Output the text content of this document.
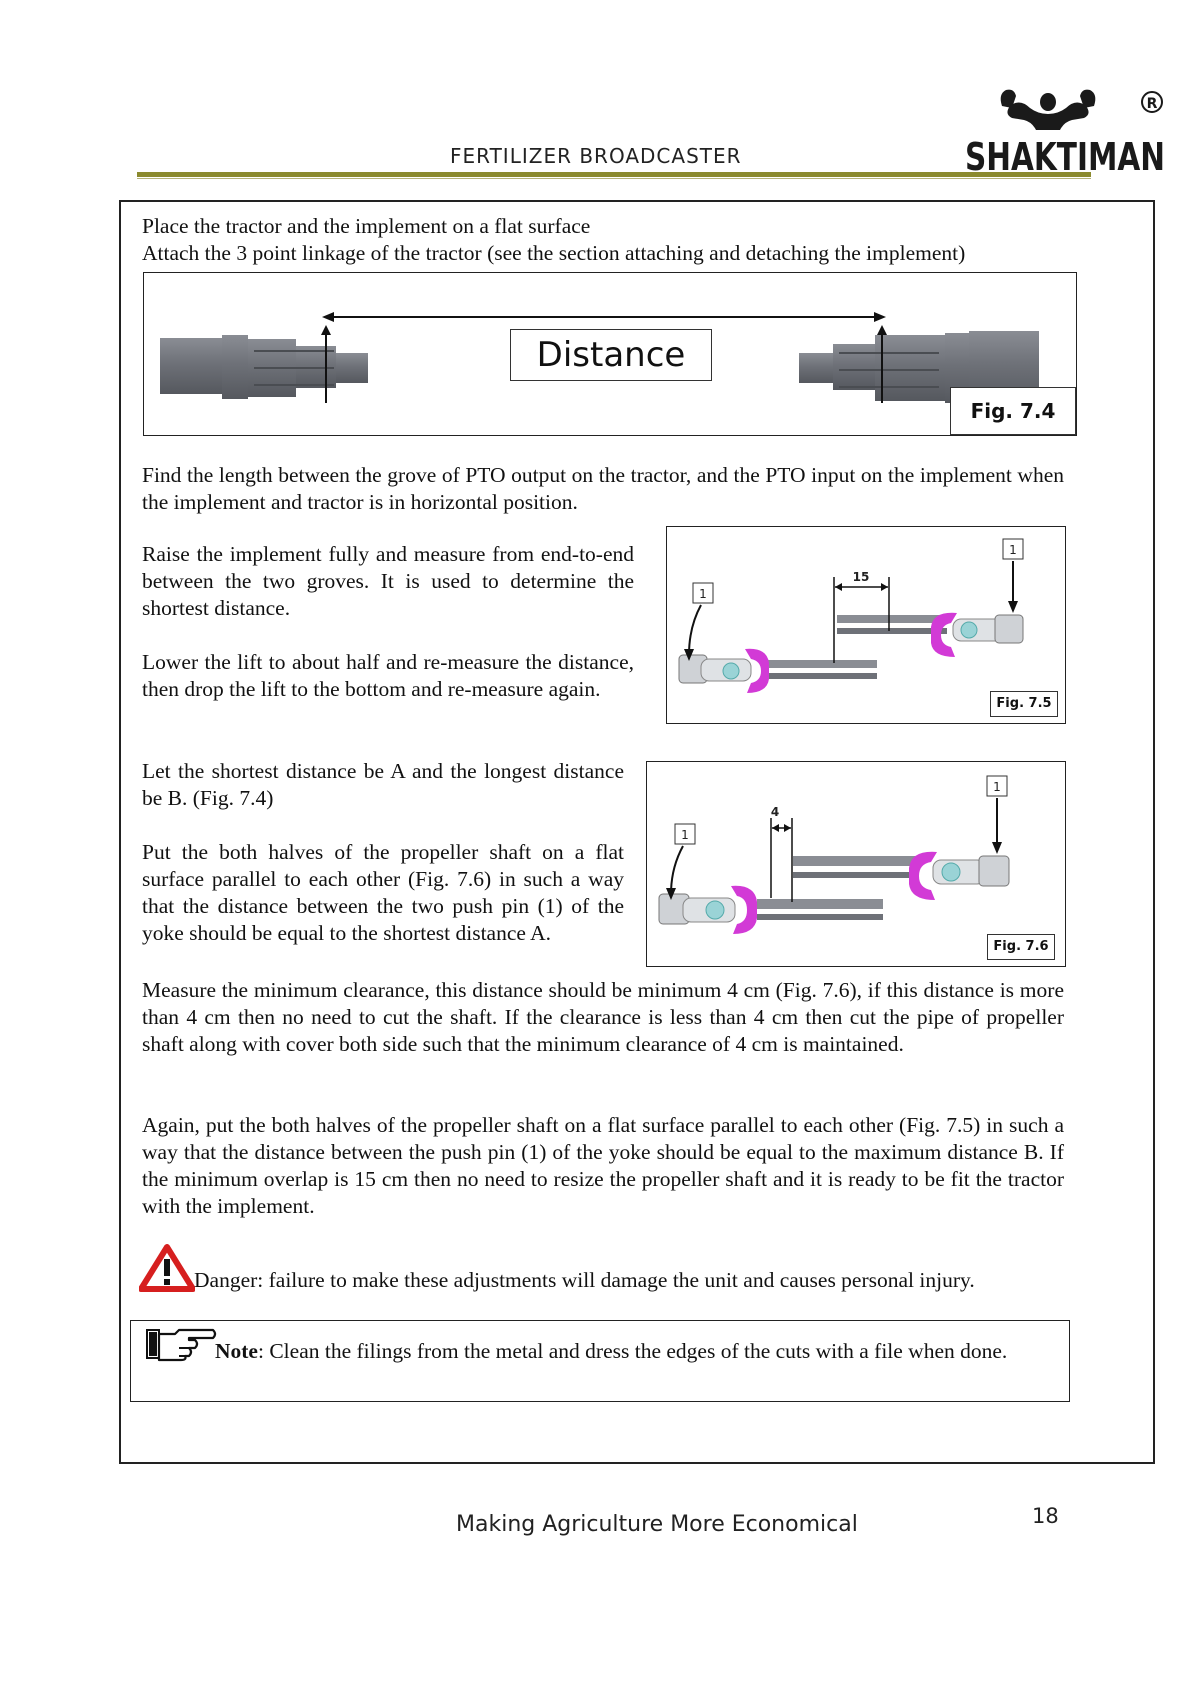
FERTILIZER BROADCASTER
R
SHAKTIMAN
Place the tractor and the implement on a flat surface
Attach the 3 point linkage of the tractor (see the section attaching and detaching the implement)
Distance
Fig. 7.4
Find the length between the grove of PTO output on the tractor, and the PTO input on the implement when the implement and tractor is in horizontal position.
Raise the implement fully and measure from end-to-end between the two groves. It is used to determine the shortest distance.
Lower the lift to about half and re-measure the distance, then drop the lift to the bottom and re-measure again.
15
1
1
Fig. 7.5
Let the shortest distance be A and the longest distance be B. (Fig. 7.4)
Put the both halves of the propeller shaft on a flat surface parallel to each other (Fig. 7.6) in such a way that the distance between the two push pin (1) of the yoke should be equal to the shortest distance A.
4
1
1
Fig. 7.6
Measure the minimum clearance, this distance should be minimum 4 cm (Fig. 7.6), if this distance is more than 4 cm then no need to cut the shaft. If the clearance is less than 4 cm then cut the pipe of propeller shaft along with cover both side such that the minimum clearance of 4 cm is maintained.
Again, put the both halves of the propeller shaft on a flat surface parallel to each other (Fig. 7.5) in such a way that the distance between the push pin (1) of the yoke should be equal to the maximum distance B. If the minimum overlap is 15 cm then no need to resize the propeller shaft and it is ready to be fit the tractor with the implement.
Danger: failure to make these adjustments will damage the unit and causes personal injury.
Note: Clean the filings from the metal and dress the edges of the cuts with a file when done.
Making Agriculture More Economical	18
